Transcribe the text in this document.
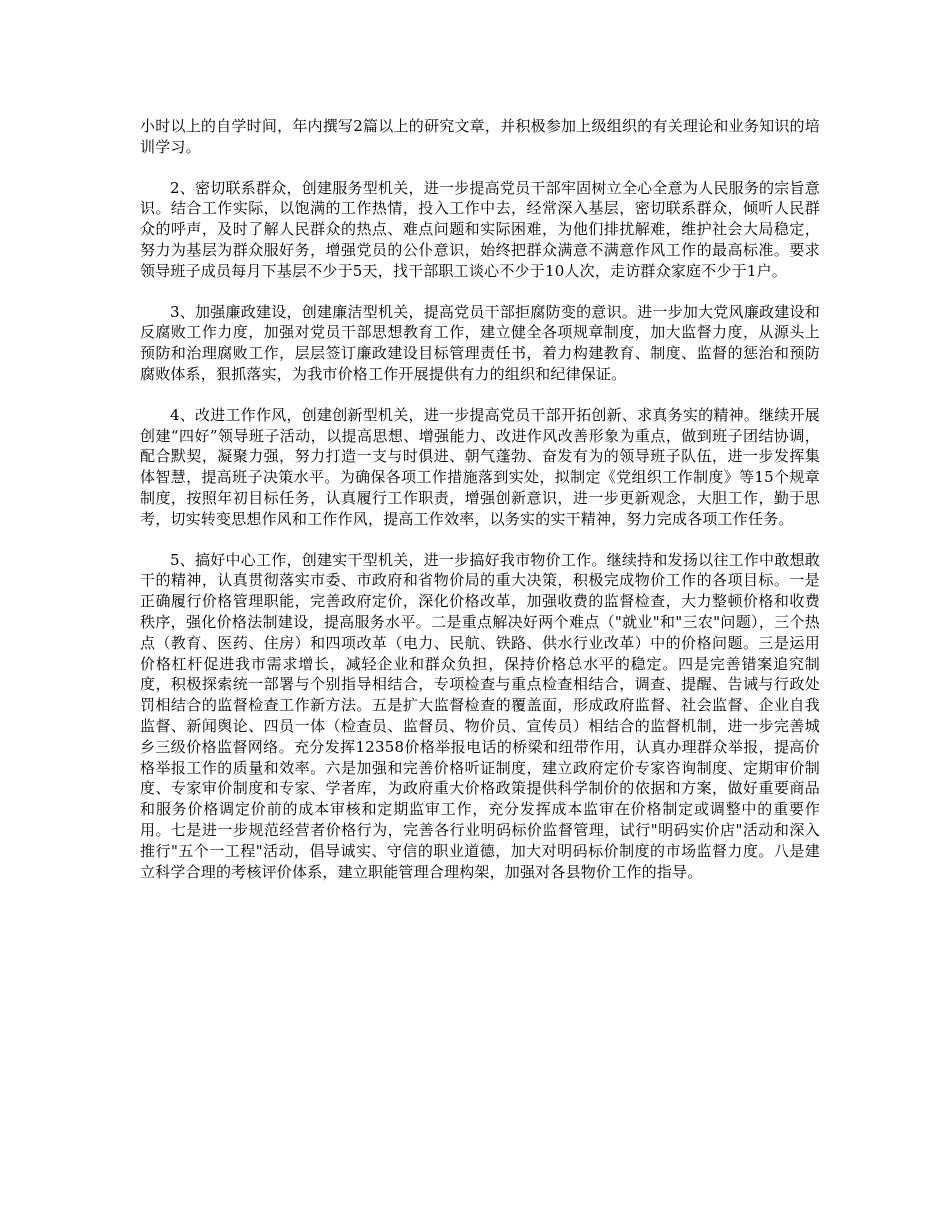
小时以上的自学时间，年内撰写2篇以上的研究文章，并积极参加上级组织的有关理论和业务知识的培训学习。

2、密切联系群众，创建服务型机关，进一步提高党员干部牢固树立全心全意为人民服务的宗旨意识。结合工作实际，以饱满的工作热情，投入工作中去，经常深入基层，密切联系群众，倾听人民群众的呼声，及时了解人民群众的热点、难点问题和实际困难，为他们排扰解难，维护社会大局稳定，努力为基层为群众服好务，增强党员的公仆意识，始终把群众满意不满意作风工作的最高标准。要求领导班子成员每月下基层不少于5天，找干部职工谈心不少于10人次，走访群众家庭不少于1户。

3、加强廉政建设，创建廉洁型机关，提高党员干部拒腐防变的意识。进一步加大党风廉政建设和反腐败工作力度，加强对党员干部思想教育工作，建立健全各项规章制度，加大监督力度，从源头上预防和治理腐败工作，层层签订廉政建设目标管理责任书，着力构建教育、制度、监督的惩治和预防腐败体系，狠抓落实，为我市价格工作开展提供有力的组织和纪律保证。

4、改进工作作风，创建创新型机关，进一步提高党员干部开拓创新、求真务实的精神。继续开展创建“四好”领导班子活动，以提高思想、增强能力、改进作风改善形象为重点，做到班子团结协调，配合默契，凝聚力强，努力打造一支与时俱进、朝气蓬勃、奋发有为的领导班子队伍，进一步发挥集体智慧，提高班子决策水平。为确保各项工作措施落到实处，拟制定《党组织工作制度》等15个规章制度，按照年初目标任务，认真履行工作职责，增强创新意识，进一步更新观念，大胆工作，勤于思考，切实转变思想作风和工作作风，提高工作效率，以务实的实干精神，努力完成各项工作任务。

5、搞好中心工作，创建实干型机关，进一步搞好我市物价工作。继续持和发扬以往工作中敢想敢干的精神，认真贯彻落实市委、市政府和省物价局的重大决策，积极完成物价工作的各项目标。一是正确履行价格管理职能，完善政府定价，深化价格改革，加强收费的监督检查，大力整顿价格和收费秩序，强化价格法制建设，提高服务水平。二是重点解决好两个难点（"就业"和"三农"问题），三个热点（教育、医药、住房）和四项改革（电力、民航、铁路、供水行业改革）中的价格问题。三是运用价格杠杆促进我市需求增长，减轻企业和群众负担，保持价格总水平的稳定。四是完善错案追究制度，积极探索统一部署与个别指导相结合，专项检查与重点检查相结合，调查、提醒、告诫与行政处罚相结合的监督检查工作新方法。五是扩大监督检查的覆盖面，形成政府监督、社会监督、企业自我监督、新闻舆论、四员一体（检查员、监督员、物价员、宣传员）相结合的监督机制，进一步完善城乡三级价格监督网络。充分发挥12358价格举报电话的桥梁和纽带作用，认真办理群众举报，提高价格举报工作的质量和效率。六是加强和完善价格听证制度，建立政府定价专家咨询制度、定期审价制度、专家审价制度和专家、学者库，为政府重大价格政策提供科学制价的依据和方案，做好重要商品和服务价格调定价前的成本审核和定期监审工作，充分发挥成本监审在价格制定或调整中的重要作用。七是进一步规范经营者价格行为，完善各行业明码标价监督管理，试行"明码实价店"活动和深入推行"五个一工程"活动，倡导诚实、守信的职业道德，加大对明码标价制度的市场监督力度。八是建立科学合理的考核评价体系，建立职能管理合理构架，加强对各县物价工作的指导。
